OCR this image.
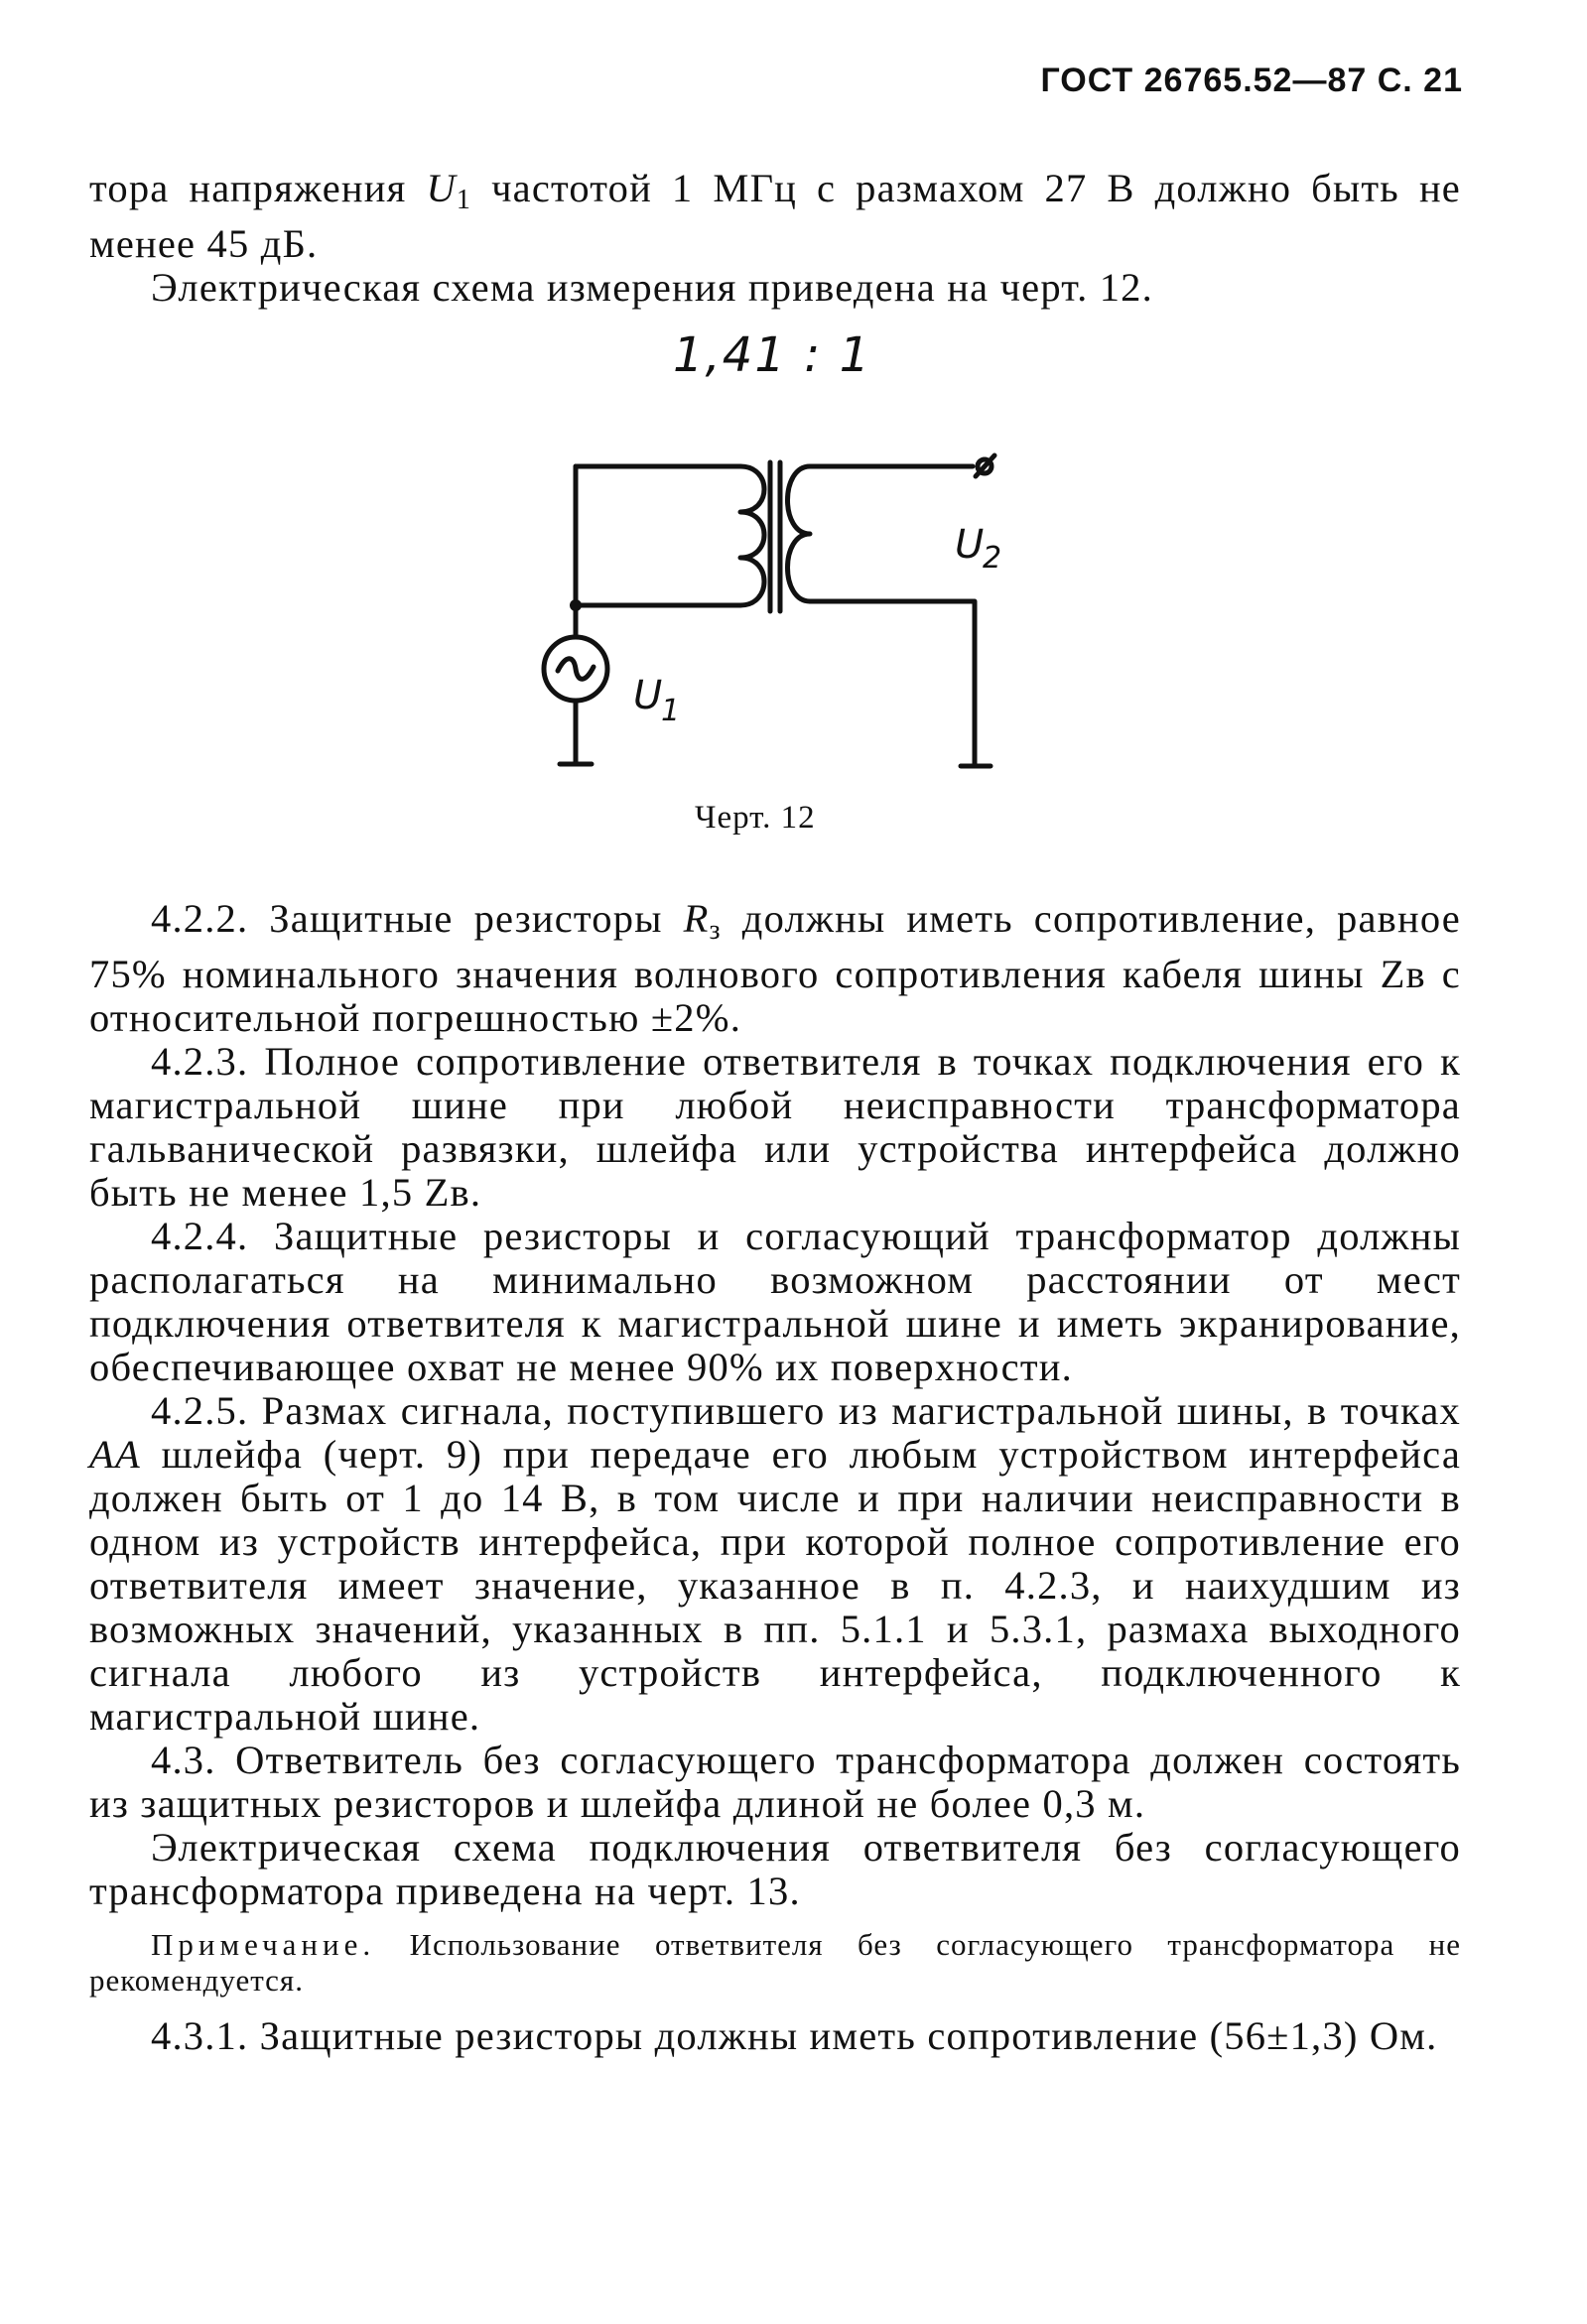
ГОСТ 26765.52—87 С. 21

тора напряжения $U_1$ частотой 1 МГц с размахом 27 В должно быть не менее 45 дБ.

Электрическая схема измерения приведена на черт. 12.

1,41 : 1
U
2
U
1
Черт. 12

4.2.2. Защитные резисторы $R_з$ должны иметь сопротивление, равное 75% номинального значения волнового сопротивления кабеля шины Zв с относительной погрешностью ±2%.

4.2.3. Полное сопротивление ответвителя в точках подключения его к магистральной шине при любой неисправности трансформатора гальванической развязки, шлейфа или устройства интерфейса должно быть не менее 1,5 Zв.

4.2.4. Защитные резисторы и согласующий трансформатор должны располагаться на минимально возможном расстоянии от мест подключения ответвителя к магистральной шине и иметь экранирование, обеспечивающее охват не менее 90% их поверхности.

4.2.5. Размах сигнала, поступившего из магистральной шины, в точках АА шлейфа (черт. 9) при передаче его любым устройством интерфейса должен быть от 1 до 14 В, в том числе и при наличии неисправности в одном из устройств интерфейса, при которой полное сопротивление его ответвителя имеет значение, указанное в п. 4.2.3, и наихудшим из возможных значений, указанных в пп. 5.1.1 и 5.3.1, размаха выходного сигнала любого из устройств интерфейса, подключенного к магистральной шине.

4.3. Ответвитель без согласующего трансформатора должен состоять из защитных резисторов и шлейфа длиной не более 0,3 м.

Электрическая схема подключения ответвителя без согласующего трансформатора приведена на черт. 13.

Примечание. Использование ответвителя без согласующего трансформатора не рекомендуется.

4.3.1. Защитные резисторы должны иметь сопротивление (56±1,3) Ом.
